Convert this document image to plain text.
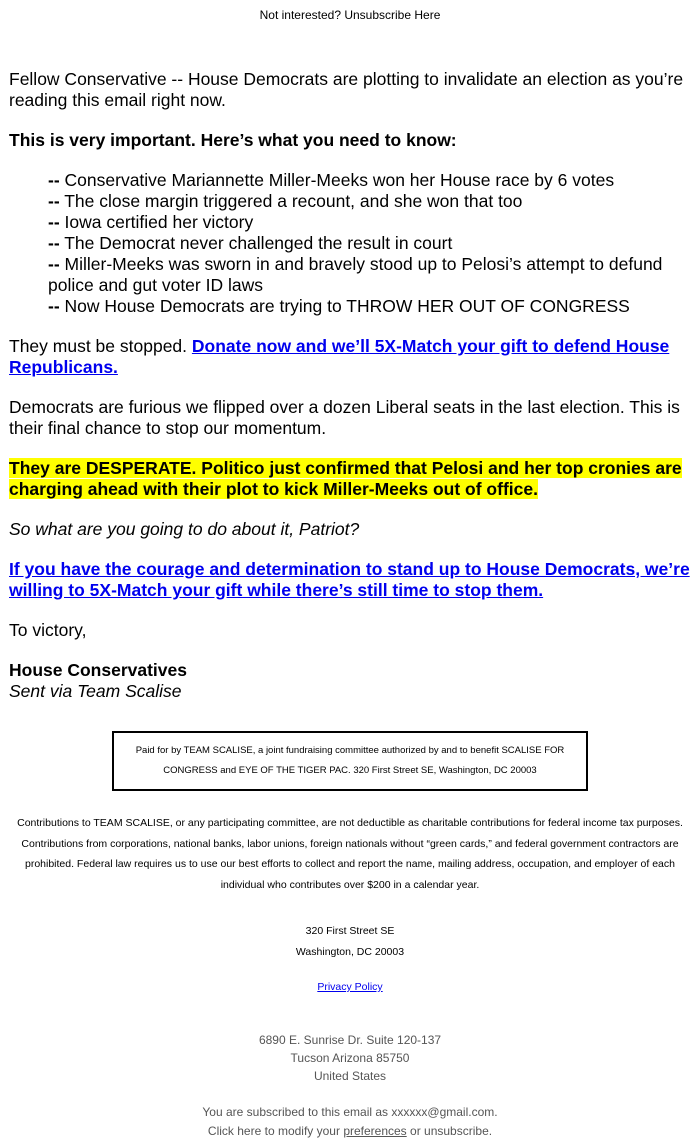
Not interested? Unsubscribe Here

Fellow Conservative -- House Democrats are plotting to invalidate an election as you’re reading this email right now.

This is very important. Here’s what you need to know:

-- Conservative Mariannette Miller-Meeks won her House race by 6 votes
-- The close margin triggered a recount, and she won that too
-- Iowa certified her victory
-- The Democrat never challenged the result in court
-- Miller-Meeks was sworn in and bravely stood up to Pelosi’s attempt to defund police and gut voter ID laws
-- Now House Democrats are trying to THROW HER OUT OF CONGRESS

They must be stopped. Donate now and we’ll 5X-Match your gift to defend House Republicans.

Democrats are furious we flipped over a dozen Liberal seats in the last election. This is their final chance to stop our momentum.

They are DESPERATE. Politico just confirmed that Pelosi and her top cronies are charging ahead with their plot to kick Miller-Meeks out of office.

So what are you going to do about it, Patriot?

If you have the courage and determination to stand up to House Democrats, we’re willing to 5X-Match your gift while there’s still time to stop them.

To victory,

House Conservatives
Sent via Team Scalise
Paid for by TEAM SCALISE, a joint fundraising committee authorized by and to benefit SCALISE FOR CONGRESS and EYE OF THE TIGER PAC. 320 First Street SE, Washington, DC 20003
Contributions to TEAM SCALISE, or any participating committee, are not deductible as charitable contributions for federal income tax purposes. Contributions from corporations, national banks, labor unions, foreign nationals without “green cards,” and federal government contractors are prohibited. Federal law requires us to use our best efforts to collect and report the name, mailing address, occupation, and employer of each individual who contributes over $200 in a calendar year.
320 First Street SE
Washington, DC 20003
Privacy Policy
6890 E. Sunrise Dr. Suite 120-137
Tucson Arizona 85750
United States
You are subscribed to this email as xxxxxx@gmail.com.
Click here to modify your preferences or unsubscribe.
